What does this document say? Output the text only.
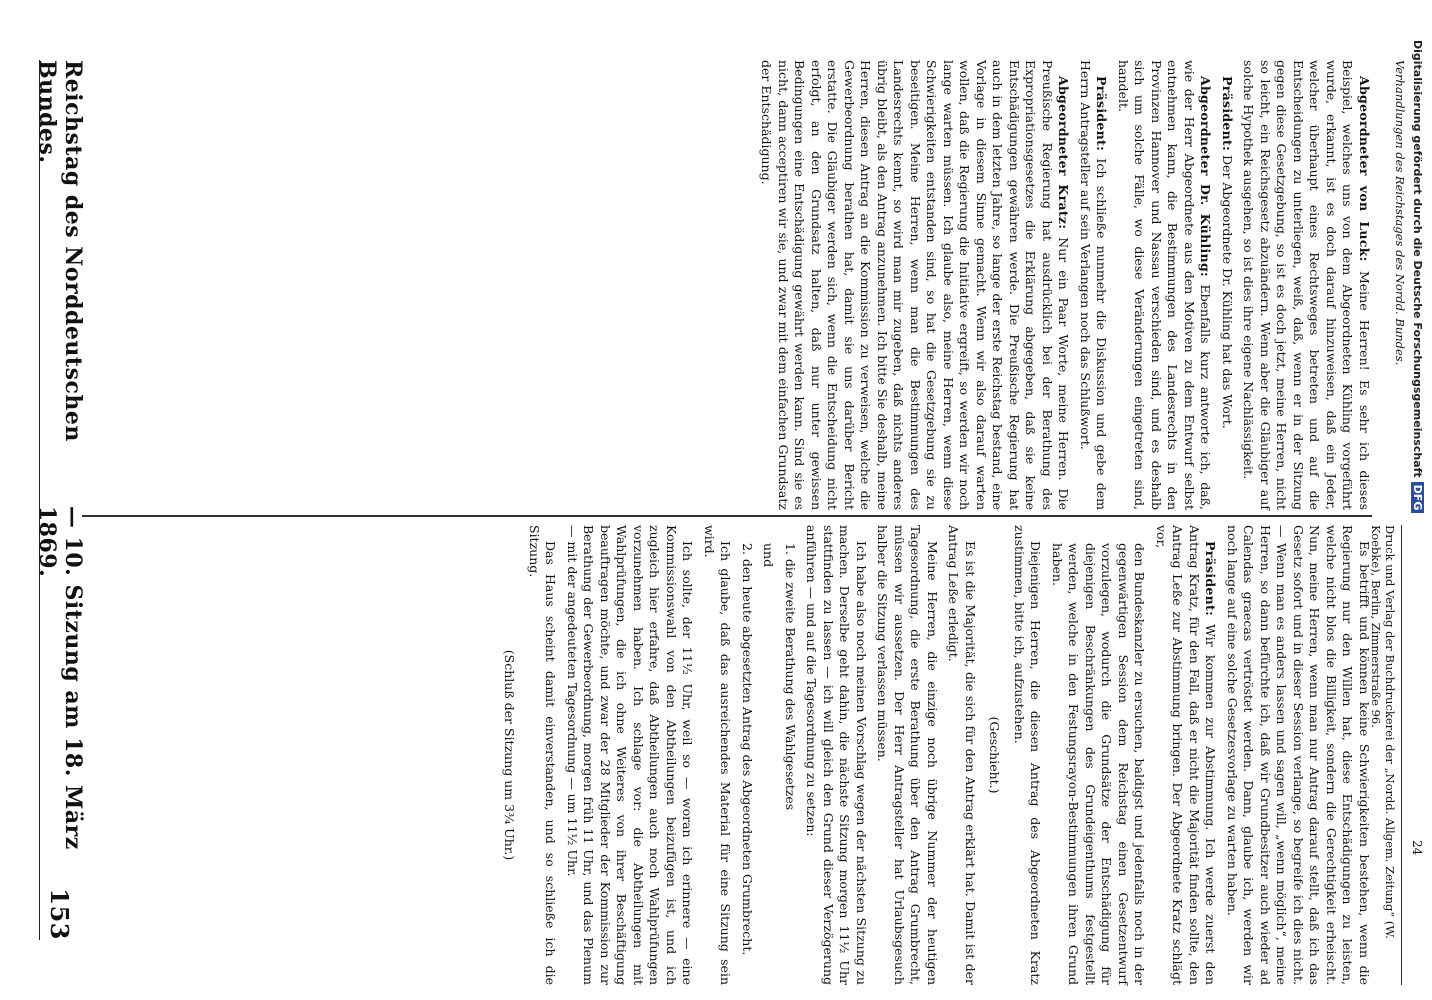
Digitalisierung gefördert durch die Deutsche ForschungsgemeinschaftDFG
Verhandlungen des Reichstages des Nordd. Bundes.
Druck und Verlag der Buchdruckerei der „Nordd. Allgem. Zeitung“ (W. Koebke), Berlin, Zimmerstraße 96.
24

Abgeordneter von Luck: Meine Herren! Es sehr ich dieses Beispiel, welches uns von dem Abgeordneten Kühling vorgeführt wurde, erkannt, ist es doch darauf hinzuweisen, daß ein Jeder, welcher überhaupt eines Rechtsweges betreten und auf die Entscheidungen zu unterliegen, weiß, daß, wenn er in der Sitzung gegen diese Gesetzgebung, so ist es doch jetzt, meine Herren, nicht so leicht, ein Reichsgesetz abzuändern. Wenn aber die Gläubiger auf solche Hypothek ausgehen, so ist dies ihre eigene Nachlässigkeit.

Präsident: Der Abgeordnete Dr. Kühling hat das Wort.

Abgeordneter Dr. Kühling: Ebenfalls kurz antworte ich, daß, wie der Herr Abgeordnete aus den Motiven zu dem Entwurf selbst entnehmen kann, die Bestimmungen des Landesrechts in den Provinzen Hannover und Nassau verschieden sind, und es deshalb sich um solche Fälle, wo diese Veränderungen eingetreten sind, handelt.

Präsident: Ich schließe nunmehr die Diskussion und gebe dem Herrn Antragsteller auf sein Verlangen noch das Schlußwort.

Abgeordneter Kratz: Nur ein Paar Worte, meine Herren. Die Preußische Regierung hat ausdrücklich bei der Berathung des Expropriationsgesetzes die Erklärung abgegeben, daß sie keine Entschädigungen gewähren werde. Die Preußische Regierung hat auch in dem letzten Jahre, so lange der erste Reichstag bestand, eine Vorlage in diesem Sinne gemacht. Wenn wir also darauf warten wollen, daß die Regierung die Initiative ergreift, so werden wir noch lange warten müssen. Ich glaube also, meine Herren, wenn diese Schwierigkeiten entstanden sind, so hat die Gesetzgebung sie zu beseitigen. Meine Herren, wenn man die Bestimmungen des Landesrechts kennt, so wird man mir zugeben, daß nichts anderes übrig bleibt, als den Antrag anzunehmen. Ich bitte Sie deshalb, meine Herren, diesen Antrag an die Kommission zu verweisen, welche die Gewerbeordnung berathen hat, damit sie uns darüber Bericht erstatte. Die Gläubiger werden sich, wenn die Entscheidung nicht erfolgt, an den Grundsatz halten, daß nur unter gewissen Bedingungen eine Entschädigung gewährt werden kann. Sind sie es nicht, dann acceptiren wir sie, und zwar mit dem einfachen Grundsatz der Entschädigung.

Es betrifft und können keine Schwierigkeiten bestehen, wenn die Regierung nur den Willen hat, diese Entschädigungen zu leisten, welche nicht blos die Billigkeit, sondern die Gerechtigkeit erheischt. Nun, meine Herren, wenn man nur Antrag darauf stellt, daß ich das Gesetz sofort und in dieser Session verlange, so begreife ich dies nicht. — Wenn man es anders lassen und sagen will, „wenn möglich“, meine Herren, so dann befürchte ich, daß wir Grundbesitzer auch wieder ad Calendas graecas vertröstet werden. Dann, glaube ich, werden wir noch lange auf eine solche Gesetzesvorlage zu warten haben.

Präsident: Wir kommen zur Abstimmung. Ich werde zuerst den Antrag Kratz, für den Fall, daß er nicht die Majorität finden sollte, den Antrag Leße zur Abstimmung bringen. Der Abgeordnete Kratz schlägt vor,

den Bundeskanzler zu ersuchen, baldigst und jedenfalls noch in der gegenwärtigen Session dem Reichstag einen Gesetzentwurf vorzulegen, wodurch die Grundsätze der Entschädigung für diejenigen Beschränkungen des Grundeigenthums festgestellt werden, welche in den Festungsrayon-Bestimmungen ihren Grund haben.

Diejenigen Herren, die diesen Antrag des Abgeordneten Kratz zustimmen, bitte ich, aufzustehen.

(Geschieht.)

Es ist die Majorität, die sich für den Antrag erklärt hat. Damit ist der Antrag Leße erledigt.

Meine Herren, die einzige noch übrige Nummer der heutigen Tagesordnung, die erste Berathung über den Antrag Grumbrecht, müssen wir aussetzen. Der Herr Antragsteller hat Urlaubsgesuch halber die Sitzung verlassen müssen.

Ich habe also noch meinen Vorschlag wegen der nächsten Sitzung zu machen. Derselbe geht dahin, die nächste Sitzung morgen 11½ Uhr stattfinden zu lassen — ich will gleich den Grund dieser Verzögerung anführen — und auf die Tagesordnung zu setzen:

1. die zweite Berathung des Wahlgesetzes

und

2. den heute abgesetzten Antrag des Abgeordneten Grumbrecht.

Ich glaube, daß das ausreichendes Material für eine Sitzung sein wird.

Ich sollte, der 11½ Uhr, weil so — woran ich erinnere — eine Kommissionswahl von den Abtheilungen beizufügen ist, und ich zugleich hier erfahre, daß Abtheilungen auch noch Wahlprüfungen vorzunehmen haben. Ich schlage vor: die Abtheilungen mit Wahlprüfungen, die ich ohne Weiteres von ihrer Beschäftigung beauftragen möchte, und zwar der 28 Mitglieder der Kommission zur Berathung der Gewerbeordnung, morgen früh 11 Uhr, und das Plenum — mit der angedeuteten Tagesordnung — um 11½ Uhr.

Das Haus scheint damit einverstanden, und so schließe ich die Sitzung.

(Schluß der Sitzung um 3¾ Uhr.)

Reichstag des Norddeutschen Bundes.
— 10. Sitzung am 18. März 1869.
153
